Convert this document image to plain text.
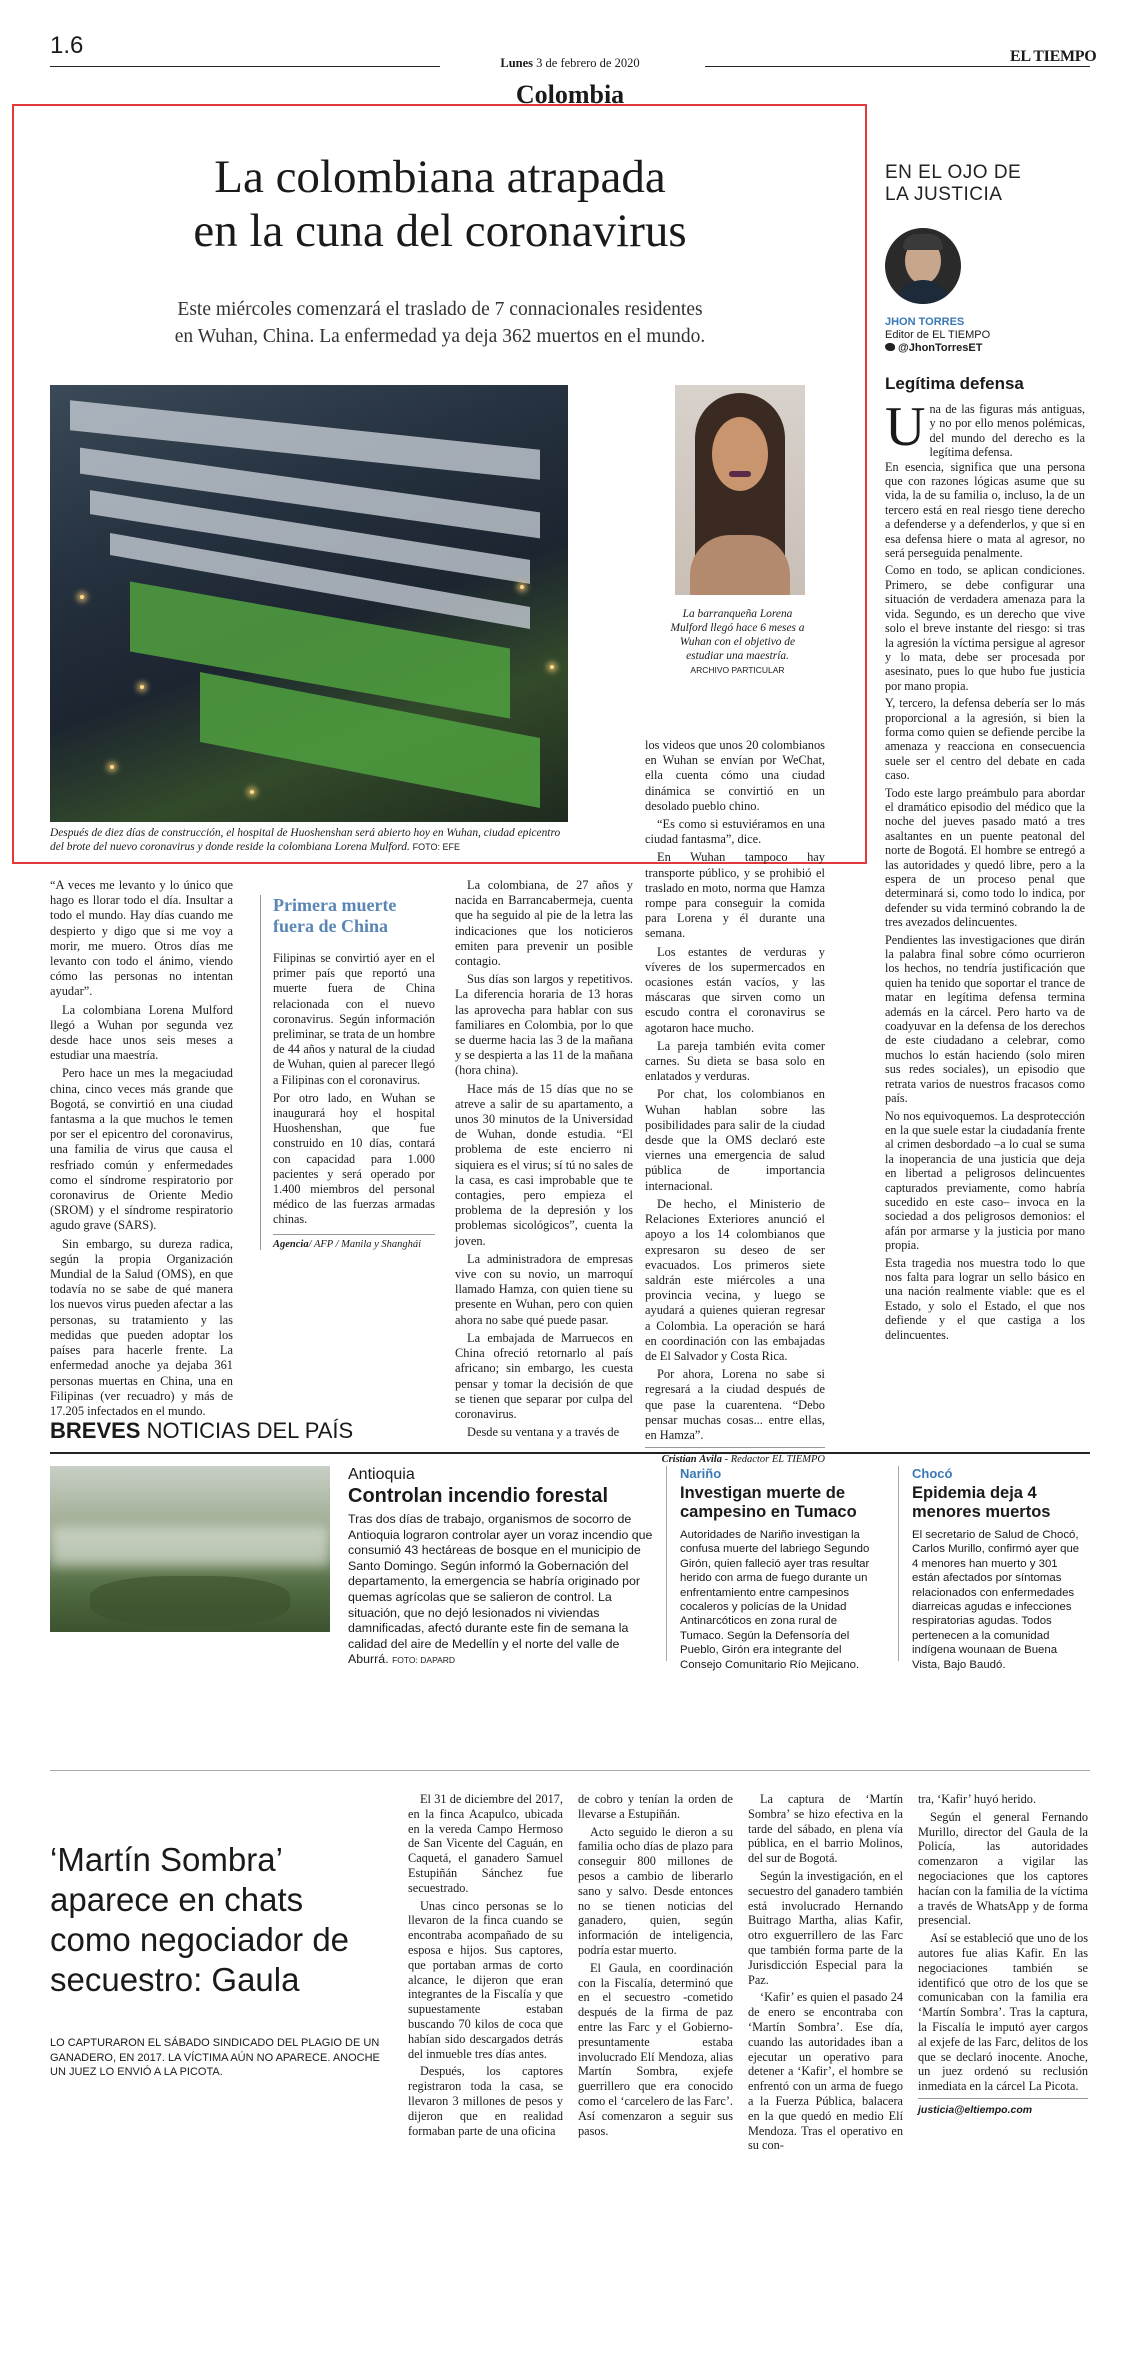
1.6
Lunes 3 de febrero de 2020	EL TIEMPO
Colombia
La colombiana atrapada
en la cuna del coronavirus
Este miércoles comenzará el traslado de 7 connacionales residentes
en Wuhan, China. La enfermedad ya deja 362 muertos en el mundo.
Después de diez días de construcción, el hospital de Huoshenshan será abierto hoy en Wuhan, ciudad epicentro del brote del nuevo coronavirus y donde reside la colombiana Lorena Mulford. FOTO: EFE
La barranqueña Lorena Mulford llegó hace 6 meses a Wuhan con el objetivo de estudiar una maestría.
ARCHIVO PARTICULAR

“A veces me levanto y lo único que hago es llorar todo el día. Insultar a todo el mundo. Hay días cuando me despierto y digo que si me voy a morir, me muero. Otros días me levanto con todo el ánimo, viendo cómo las personas no intentan ayudar”.

La colombiana Lorena Mulford llegó a Wuhan por segunda vez desde hace unos seis meses a estudiar una maestría.

Pero hace un mes la megaciudad china, cinco veces más grande que Bogotá, se convirtió en una ciudad fantasma a la que muchos le temen por ser el epicentro del coronavirus, una familia de virus que causa el resfriado común y enfermedades como el síndrome respiratorio por coronavirus de Oriente Medio (SROM) y el síndrome respiratorio agudo grave (SARS).

Sin embargo, su dureza radica, según la propia Organización Mundial de la Salud (OMS), en que todavía no se sabe de qué manera los nuevos virus pueden afectar a las personas, su tratamiento y las medidas que pueden adoptar los países para hacerle frente. La enfermedad anoche ya dejaba 361 personas muertas en China, una en Filipinas (ver recuadro) y más de 17.205 infectados en el mundo.

Primera muerte fuera de China

Filipinas se convirtió ayer en el primer país que reportó una muerte fuera de China relacionada con el nuevo coronavirus. Según información preliminar, se trata de un hombre de 44 años y natural de la ciudad de Wuhan, quien al parecer llegó a Filipinas con el coronavirus.

Por otro lado, en Wuhan se inaugurará hoy el hospital Huoshenshan, que fue construido en 10 días, contará con capacidad para 1.000 pacientes y será operado por 1.400 miembros del personal médico de las fuerzas armadas chinas.

Agencia/ AFP / Manila y Shanghái

La colombiana, de 27 años y nacida en Barrancabermeja, cuenta que ha seguido al pie de la letra las indicaciones que los noticieros emiten para prevenir un posible contagio.

Sus días son largos y repetitivos. La diferencia horaria de 13 horas las aprovecha para hablar con sus familiares en Colombia, por lo que se duerme hacia las 3 de la mañana y se despierta a las 11 de la mañana (hora china).

Hace más de 15 días que no se atreve a salir de su apartamento, a unos 30 minutos de la Universidad de Wuhan, donde estudia. “El problema de este encierro ni siquiera es el virus; sí tú no sales de la casa, es casi improbable que te contagies, pero empieza el problema de la depresión y los problemas sicológicos”, cuenta la joven.

La administradora de empresas vive con su novio, un marroquí llamado Hamza, con quien tiene su presente en Wuhan, pero con quien ahora no sabe qué puede pasar.

La embajada de Marruecos en China ofreció retornarlo al país africano; sin embargo, les cuesta pensar y tomar la decisión de que se tienen que separar por culpa del coronavirus.

Desde su ventana y a través de

los videos que unos 20 colombianos en Wuhan se envían por WeChat, ella cuenta cómo una ciudad dinámica se convirtió en un desolado pueblo chino.

“Es como si estuviéramos en una ciudad fantasma”, dice.

En Wuhan tampoco hay transporte público, y se prohibió el traslado en moto, norma que Hamza rompe para conseguir la comida para Lorena y él durante una semana.

Los estantes de verduras y víveres de los supermercados en ocasiones están vacíos, y las máscaras que sirven como un escudo contra el coronavirus se agotaron hace mucho.

La pareja también evita comer carnes. Su dieta se basa solo en enlatados y verduras.

Por chat, los colombianos en Wuhan hablan sobre las posibilidades para salir de la ciudad desde que la OMS declaró este viernes una emergencia de salud pública de importancia internacional.

De hecho, el Ministerio de Relaciones Exteriores anunció el apoyo a los 14 colombianos que expresaron su deseo de ser evacuados. Los primeros siete saldrán este miércoles a una provincia vecina, y luego se ayudará a quienes quieran regresar a Colombia. La operación se hará en coordinación con las embajadas de El Salvador y Costa Rica.

Por ahora, Lorena no sabe si regresará a la ciudad después de que pase la cuarentena. “Debo pensar muchas cosas... entre ellas, en Hamza”.

Cristian Ávila - Redactor EL TIEMPO
EN EL OJO DE
LA JUSTICIA
JHON TORRES
Editor de EL TIEMPO
@JhonTorresET
Legítima defensa

Una de las figuras más antiguas, y no por ello menos polémicas, del mundo del derecho es la legítima defensa.

En esencia, significa que una persona que con razones lógicas asume que su vida, la de su familia o, incluso, la de un tercero está en real riesgo tiene derecho a defenderse y a defenderlos, y que si en esa defensa hiere o mata al agresor, no será perseguida penalmente.

Como en todo, se aplican condiciones. Primero, se debe configurar una situación de verdadera amenaza para la vida. Segundo, es un derecho que vive solo el breve instante del riesgo: si tras la agresión la víctima persigue al agresor y lo mata, debe ser procesada por asesinato, pues lo que hubo fue justicia por mano propia.

Y, tercero, la defensa debería ser lo más proporcional a la agresión, si bien la forma como quien se defiende percibe la amenaza y reacciona en consecuencia suele ser el centro del debate en cada caso.

Todo este largo preámbulo para abordar el dramático episodio del médico que la noche del jueves pasado mató a tres asaltantes en un puente peatonal del norte de Bogotá. El hombre se entregó a las autoridades y quedó libre, pero a la espera de un proceso penal que determinará si, como todo lo indica, por defender su vida terminó cobrando la de tres avezados delincuentes.

Pendientes las investigaciones que dirán la palabra final sobre cómo ocurrieron los hechos, no tendría justificación que quien ha tenido que soportar el trance de matar en legítima defensa termina además en la cárcel. Pero harto va de coadyuvar en la defensa de los derechos de este ciudadano a celebrar, como muchos lo están haciendo (solo miren sus redes sociales), un episodio que retrata varios de nuestros fracasos como país.

No nos equivoquemos. La desprotección en la que suele estar la ciudadanía frente al crimen desbordado –a lo cual se suma la inoperancia de una justicia que deja en libertad a peligrosos delincuentes capturados previamente, como habría sucedido en este caso– invoca en la sociedad a dos peligrosos demonios: el afán por armarse y la justicia por mano propia.

Esta tragedia nos muestra todo lo que nos falta para lograr un sello básico en una nación realmente viable: que es el Estado, y solo el Estado, el que nos defiende y el que castiga a los delincuentes.

BREVES NOTICIAS DEL PAÍS
Antioquia
Controlan incendio forestal
Tras dos días de trabajo, organismos de socorro de Antioquia lograron controlar ayer un voraz incendio que consumió 43 hectáreas de bosque en el municipio de Santo Domingo. Según informó la Gobernación del departamento, la emergencia se habría originado por quemas agrícolas que se salieron de control. La situación, que no dejó lesionados ni viviendas damnificadas, afectó durante este fin de semana la calidad del aire de Medellín y el norte del valle de Aburrá. FOTO: DAPARD
Nariño
Investigan muerte de campesino en Tumaco
Autoridades de Nariño investigan la confusa muerte del labriego Segundo Girón, quien falleció ayer tras resultar herido con arma de fuego durante un enfrentamiento entre campesinos cocaleros y policías de la Unidad Antinarcóticos en zona rural de Tumaco. Según la Defensoría del Pueblo, Girón era integrante del Consejo Comunitario Río Mejicano.
Chocó
Epidemia deja 4 menores muertos
El secretario de Salud de Chocó, Carlos Murillo, confirmó ayer que 4 menores han muerto y 301 están afectados por síntomas relacionados con enfermedades diarreicas agudas e infecciones respiratorias agudas. Todos pertenecen a la comunidad indígena wounaan de Buena Vista, Bajo Baudó.
‘Martín Sombra’ aparece en chats como negociador de secuestro: Gaula
LO CAPTURARON EL SÁBADO SINDICADO DEL PLAGIO DE UN GANADERO, EN 2017. LA VÍCTIMA AÚN NO APARECE. ANOCHE UN JUEZ LO ENVIÓ A LA PICOTA.

El 31 de diciembre del 2017, en la finca Acapulco, ubicada en la vereda Campo Hermoso de San Vicente del Caguán, en Caquetá, el ganadero Samuel Estupiñán Sánchez fue secuestrado.

Unas cinco personas se lo llevaron de la finca cuando se encontraba acompañado de su esposa e hijos. Sus captores, que portaban armas de corto alcance, le dijeron que eran integrantes de la Fiscalía y que supuestamente estaban buscando 70 kilos de coca que habían sido descargados detrás del inmueble tres días antes.

Después, los captores registraron toda la casa, se llevaron 3 millones de pesos y dijeron que en realidad formaban parte de una oficina

de cobro y tenían la orden de llevarse a Estupiñán.

Acto seguido le dieron a su familia ocho días de plazo para conseguir 800 millones de pesos a cambio de liberarlo sano y salvo. Desde entonces no se tienen noticias del ganadero, quien, según información de inteligencia, podría estar muerto.

El Gaula, en coordinación con la Fiscalía, determinó que en el secuestro -cometido después de la firma de paz entre las Farc y el Gobierno- presuntamente estaba involucrado Elí Mendoza, alias Martín Sombra, exjefe guerrillero que era conocido como el ‘carcelero de las Farc’. Así comenzaron a seguir sus pasos.

La captura de ‘Martín Sombra’ se hizo efectiva en la tarde del sábado, en plena vía pública, en el barrio Molinos, del sur de Bogotá.

Según la investigación, en el secuestro del ganadero también está involucrado Hernando Buitrago Martha, alias Kafir, otro exguerrillero de las Farc que también forma parte de la Jurisdicción Especial para la Paz.

‘Kafir’ es quien el pasado 24 de enero se encontraba con ‘Martín Sombra’. Ese día, cuando las autoridades iban a ejecutar un operativo para detener a ‘Kafir’, el hombre se enfrentó con un arma de fuego a la Fuerza Pública, balacera en la que quedó en medio Elí Mendoza. Tras el operativo en su con-

tra, ‘Kafir’ huyó herido.

Según el general Fernando Murillo, director del Gaula de la Policía, las autoridades comenzaron a vigilar las negociaciones que los captores hacían con la familia de la víctima a través de WhatsApp y de forma presencial.

Así se estableció que uno de los autores fue alias Kafir. En las negociaciones también se identificó que otro de los que se comunicaban con la familia era ‘Martín Sombra’. Tras la captura, la Fiscalía le imputó ayer cargos al exjefe de las Farc, delitos de los que se declaró inocente. Anoche, un juez ordenó su reclusión inmediata en la cárcel La Picota.

justicia@eltiempo.com
